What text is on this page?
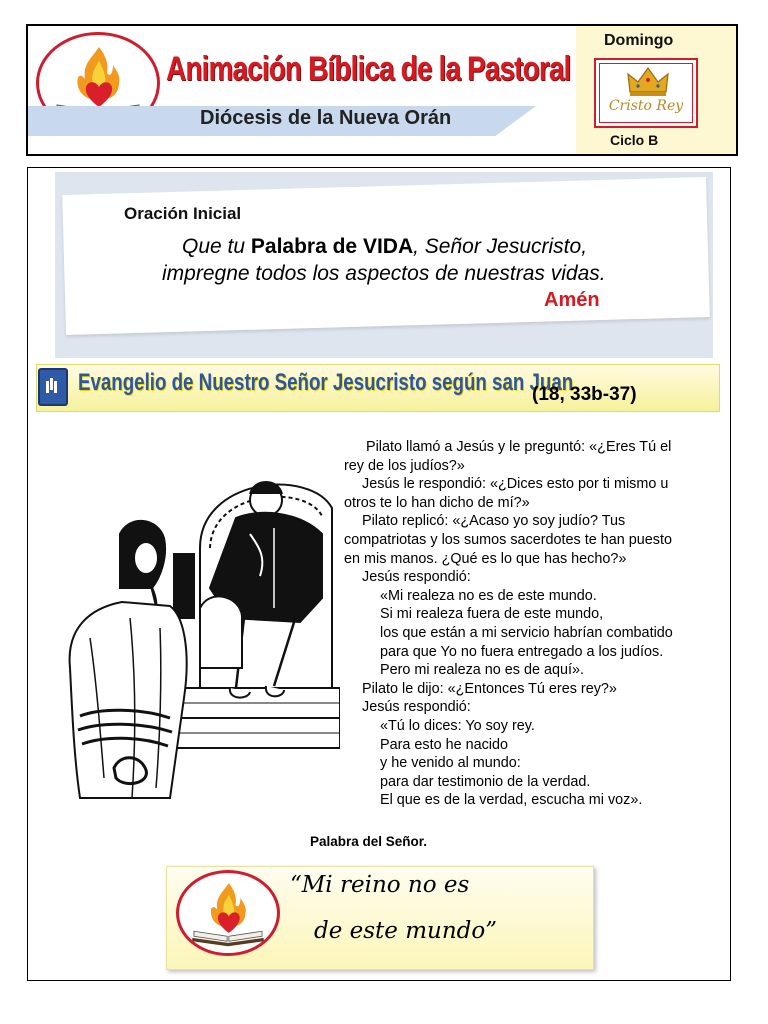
Animación Bíblica de la Pastoral
Diócesis de la Nueva Orán
Domingo
Cristo Rey
Ciclo B
Oración Inicial
Que tu Palabra de VIDA, Señor Jesucristo,
impregne todos los aspectos de nuestras vidas.
Amén
Evangelio de Nuestro Señor Jesucristo según san Juan
(18, 33b-37)
Pilato llamó a Jesús y le preguntó: «¿Eres Tú el
rey de los judíos?»
Jesús le respondió: «¿Dices esto por ti mismo u
otros te lo han dicho de mí?»
Pilato replicó: «¿Acaso yo soy judío? Tus
compatriotas y los sumos sacerdotes te han puesto
en mis manos. ¿Qué es lo que has hecho?»
Jesús respondió:
«Mi realeza no es de este mundo.
Si mi realeza fuera de este mundo,
los que están a mi servicio habrían combatido
para que Yo no fuera entregado a los judíos.
Pero mi realeza no es de aquí».
Pilato le dijo: «¿Entonces Tú eres rey?»
Jesús respondió:
«Tú lo dices: Yo soy rey.
Para esto he nacido
y he venido al mundo:
para dar testimonio de la verdad.
El que es de la verdad, escucha mi voz».
Palabra del Señor.
“Mi reino no es
de este mundo”
